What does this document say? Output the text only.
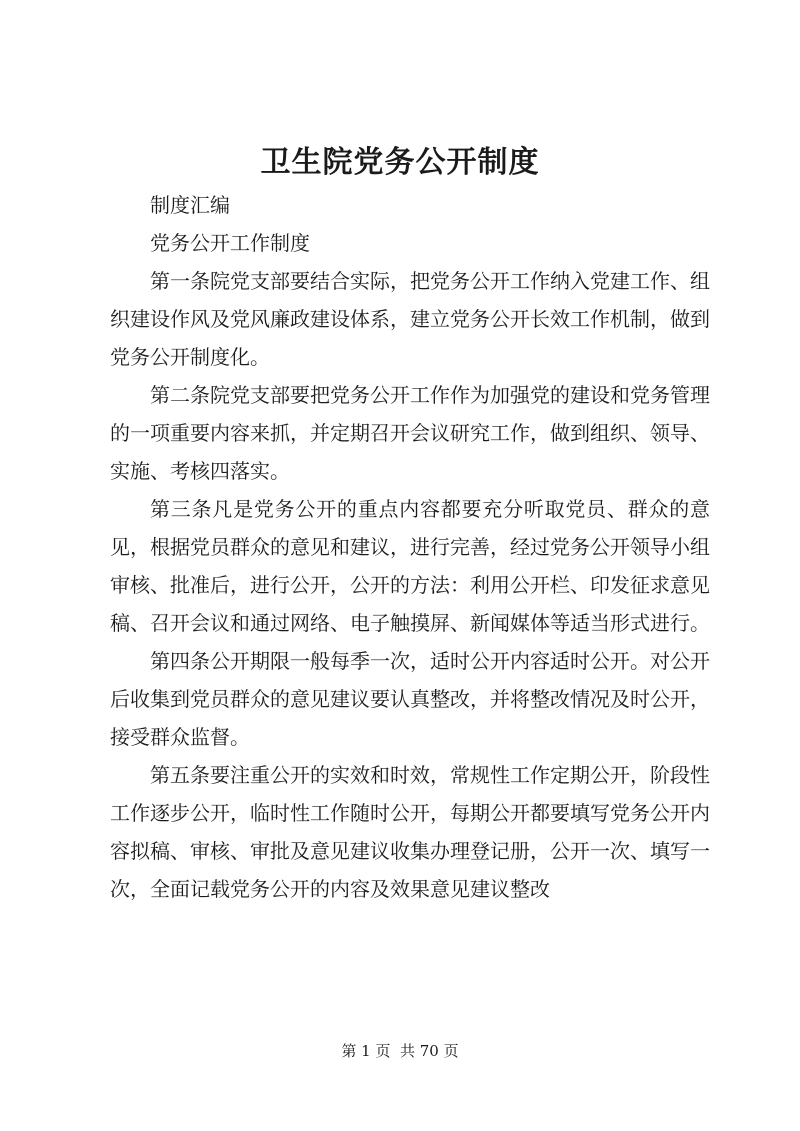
卫生院党务公开制度

制度汇编

党务公开工作制度

第一条院党支部要结合实际，把党务公开工作纳入党建工作、组织建设作风及党风廉政建设体系，建立党务公开长效工作机制，做到党务公开制度化。

第二条院党支部要把党务公开工作作为加强党的建设和党务管理的一项重要内容来抓，并定期召开会议研究工作，做到组织、领导、实施、考核四落实。

第三条凡是党务公开的重点内容都要充分听取党员、群众的意见，根据党员群众的意见和建议，进行完善，经过党务公开领导小组审核、批准后，进行公开，公开的方法：利用公开栏、印发征求意见稿、召开会议和通过网络、电子触摸屏、新闻媒体等适当形式进行。

第四条公开期限一般每季一次，适时公开内容适时公开。对公开后收集到党员群众的意见建议要认真整改，并将整改情况及时公开，接受群众监督。

第五条要注重公开的实效和时效，常规性工作定期公开，阶段性工作逐步公开，临时性工作随时公开，每期公开都要填写党务公开内容拟稿、审核、审批及意见建议收集办理登记册，公开一次、填写一次，全面记载党务公开的内容及效果意见建议整改

第 1 页  共 70 页
